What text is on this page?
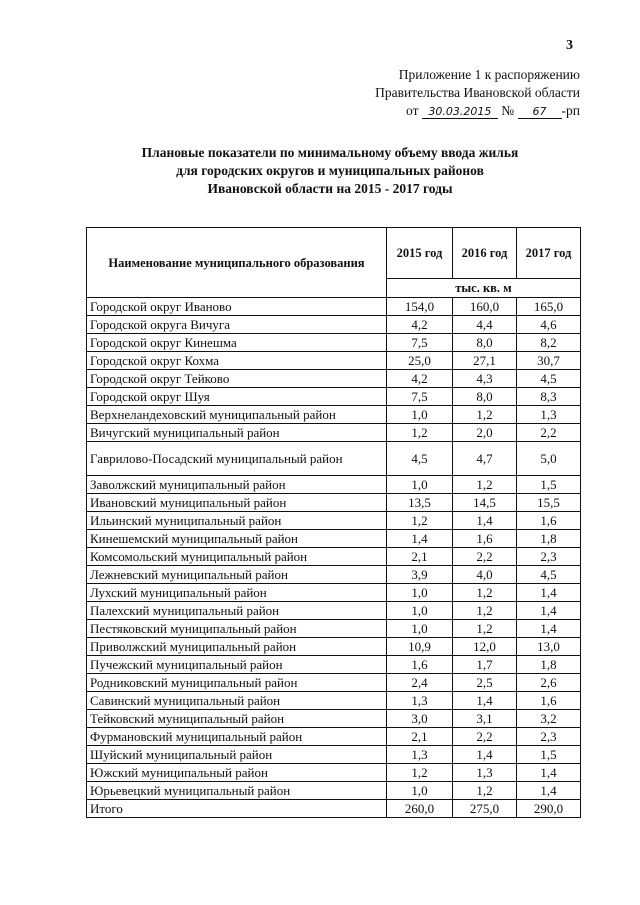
3
Приложение 1 к распоряжению
Правительства Ивановской области
от 30.03.2015 № 67 -рп
Плановые показатели по минимальному объему ввода жилья
для городских округов и муниципальных районов
Ивановской области на 2015 - 2017 годы
Наименование муниципального образования	2015 год	2016 год	2017 год
	тыс. кв. м		
Городской округ Иваново	154,0	160,0	165,0
Городской округа Вичуга	4,2	4,4	4,6
Городской округ Кинешма	7,5	8,0	8,2
Городской округ Кохма	25,0	27,1	30,7
Городской округ Тейково	4,2	4,3	4,5
Городской округ Шуя	7,5	8,0	8,3
Верхнеландеховский муниципальный район	1,0	1,2	1,3
Вичугский муниципальный район	1,2	2,0	2,2
Гаврилово-Посадский муниципальный район	4,5	4,7	5,0
Заволжский муниципальный район	1,0	1,2	1,5
Ивановский муниципальный район	13,5	14,5	15,5
Ильинский муниципальный район	1,2	1,4	1,6
Кинешемский муниципальный район	1,4	1,6	1,8
Комсомольский муниципальный район	2,1	2,2	2,3
Лежневский муниципальный район	3,9	4,0	4,5
Лухский муниципальный район	1,0	1,2	1,4
Палехский муниципальный район	1,0	1,2	1,4
Пестяковский муниципальный район	1,0	1,2	1,4
Приволжский муниципальный район	10,9	12,0	13,0
Пучежский муниципальный район	1,6	1,7	1,8
Родниковский муниципальный район	2,4	2,5	2,6
Савинский муниципальный район	1,3	1,4	1,6
Тейковский муниципальный район	3,0	3,1	3,2
Фурмановский муниципальный район	2,1	2,2	2,3
Шуйский муниципальный район	1,3	1,4	1,5
Южский муниципальный район	1,2	1,3	1,4
Юрьевецкий муниципальный район	1,0	1,2	1,4
Итого	260,0	275,0	290,0
